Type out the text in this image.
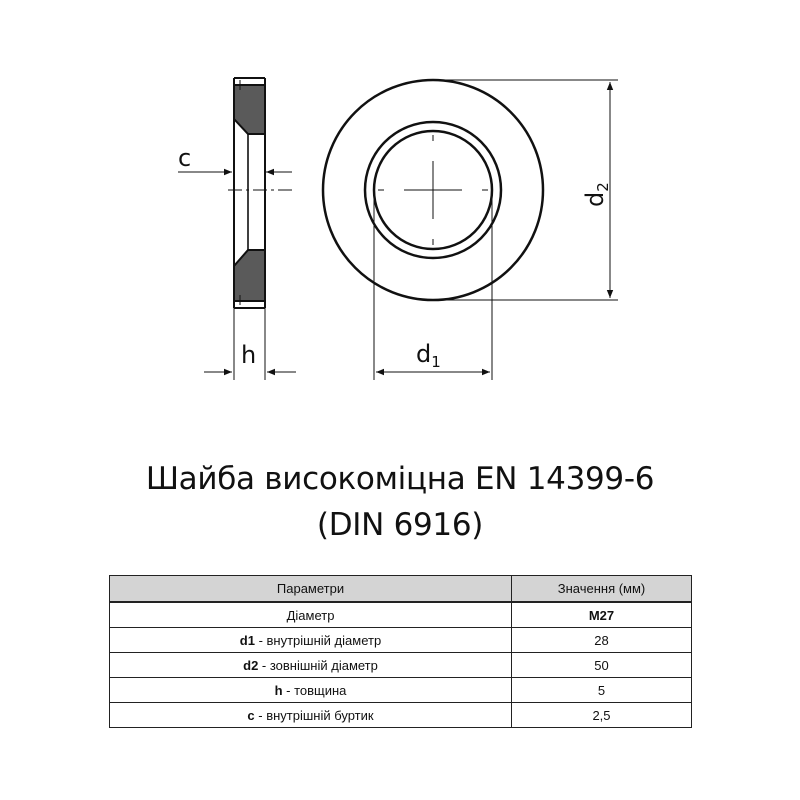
c
h	d1
d2
Шайба високоміцна EN 14399-6
(DIN 6916)
Параметри	Значення (мм)
Діаметр	M27
d1 - внутрішній діаметр	28
d2 - зовнішній діаметр	50
h - товщина	5
c - внутрішній буртик	2,5
